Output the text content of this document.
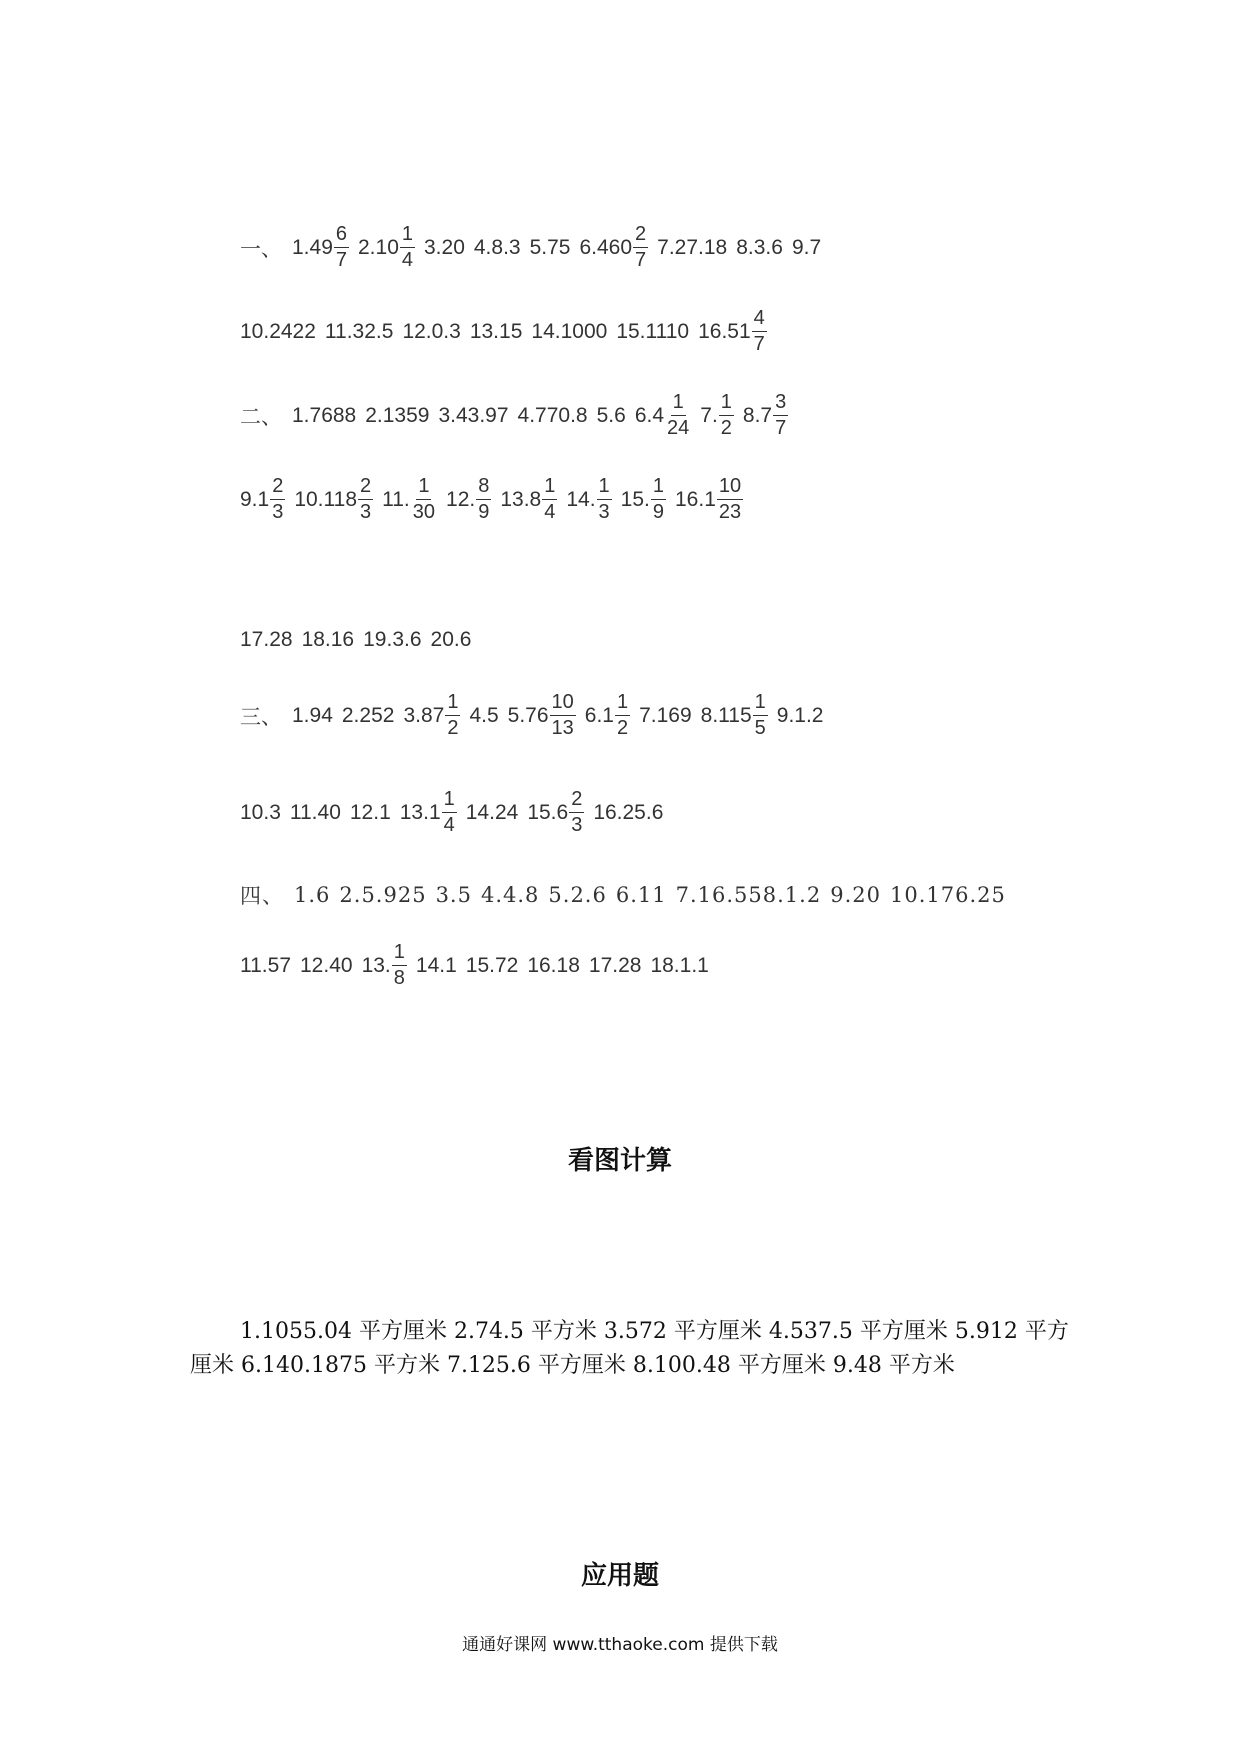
一、 $1.49 \frac{6}{7} 2.10 \frac{1}{4} 3.20$ 4.8.3 5.75 $6.460 \frac{2}{7} 7.27.18$ 8.3.6 9.7
10.2422 11.32.5 12.0.3 13.15 14.1000 15.1110 $16.51 \frac{4}{7}$
二、 1.7688 2.1359 3.43.97 4.770.8 5.6 $6.4 \frac{1}{24} 7$. $\frac{1}{2} 8.7 \frac{3}{7}$
$9.1 \frac{2}{3} 10.118 \frac{2}{3} 11$. $\frac{1}{30} 12$. $\frac{8}{9} 13.8 \frac{1}{4} 14$. $\frac{1}{3} 15$. $\frac{1}{9} 16.1 \frac{10}{23}$
17.28 18.16 19.3.6 20.6
三、 1.94 2.252 $3.87 \frac{1}{2} 4.5$ $5.76 \frac{10}{13} 6.1 \frac{1}{2} 7.169$ $8.115 \frac{1}{5} 9.1.2$
10.3 11.40 12.1 $13.1 \frac{1}{4} 14.24$ $15.6 \frac{2}{3} 16.25.6$
四、 1.6 2.5.925 3.5 4.4.8 5.2.6 6.11 7.16.558.1.2 9.20 10.176.25
11.57 12.40 13. $\frac{1}{8} 14.1$ 15.72 16.18 17.28 18.1.1
看图计算
1.1055.04 平方厘米 2.74.5 平方米 3.572 平方厘米 4.537.5 平方厘米 5.912 平方厘米 6.140.1875 平方米 7.125.6 平方厘米 8.100.48 平方厘米 9.48 平方米
应用题
通通好课网 www.tthaoke.com 提供下载
